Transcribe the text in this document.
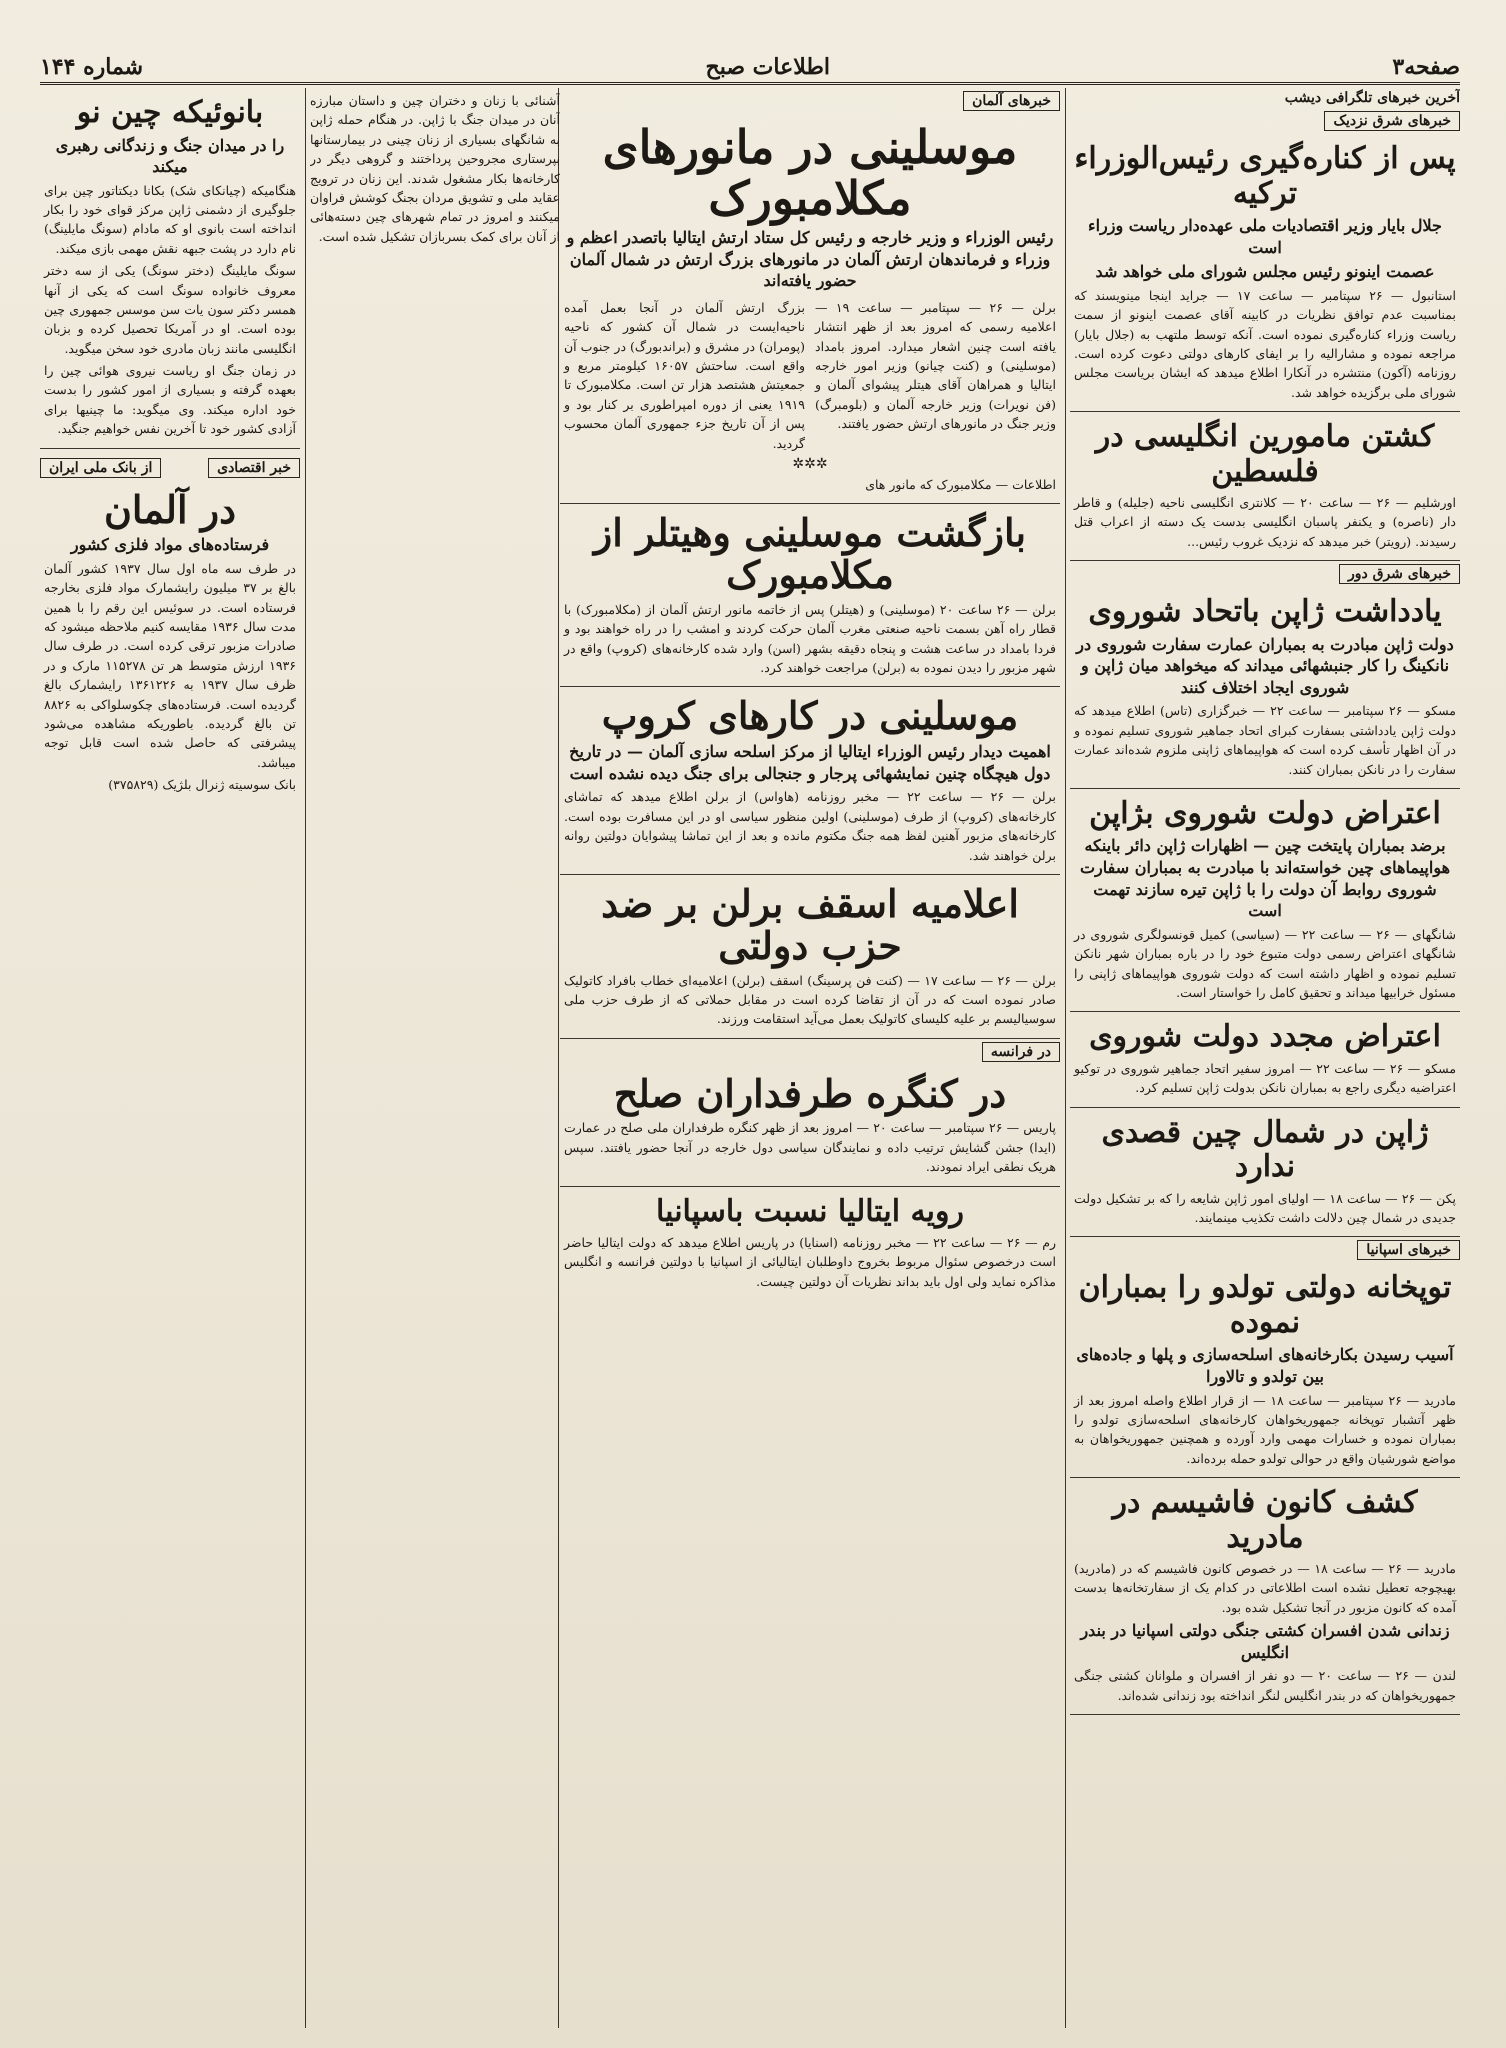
صفحه۳
اطلاعات صبح
شماره ۱۴۴
آخرین خبرهای تلگرافی دیشب
خبرهای شرق نزدیک
پس از کناره‌گیری رئیس‌الوزراء ترکیه
جلال بایار وزیر اقتصادیات ملی عهده‌دار ریاست وزراء است
عصمت اینونو رئیس مجلس شورای ملی خواهد شد
استانبول — ۲۶ سپتامبر — ساعت ۱۷ — جراید اینجا مینویسند که بمناسبت عدم توافق نظریات در کابینه آقای عصمت اینونو از سمت ریاست وزراء کناره‌گیری نموده است. آنکه توسط ملتهب به (جلال بایار) مراجعه نموده و مشارالیه را بر ایفای کارهای دولتی دعوت کرده است. روزنامه (آکون) منتشره در آنکارا اطلاع میدهد که ایشان بریاست مجلس شورای ملی برگزیده خواهد شد.
کشتن مامورین انگلیسی در فلسطین
اورشلیم — ۲۶ — ساعت ۲۰ — کلانتری انگلیسی ناحیه (جلیله) و قاطر دار (ناصره) و یکنفر پاسبان انگلیسی بدست یک دسته از اعراب قتل رسیدند. (رویتر) خبر میدهد که نزدیک غروب رئیس...
خبرهای شرق دور
یادداشت ژاپن باتحاد شوروی
دولت ژاپن مبادرت به بمباران عمارت سفارت شوروی در نانکینگ را کار جنبشهائی میداند که میخواهد میان ژاپن و شوروی ایجاد اختلاف کنند
مسکو — ۲۶ سپتامبر — ساعت ۲۲ — خبرگزاری (تاس) اطلاع میدهد که دولت ژاپن یادداشتی بسفارت کبرای اتحاد جماهیر شوروی تسلیم نموده و در آن اظهار تأسف کرده است که هواپیماهای ژاپنی ملزوم شده‌اند عمارت سفارت را در نانکن بمباران کنند.
اعتراض دولت شوروی بژاپن
برضد بمباران پایتخت چین — اظهارات ژاپن دائر باینکه هواپیماهای چین خواسته‌اند با مبادرت به بمباران سفارت شوروی روابط آن دولت را با ژاپن تیره سازند تهمت است
شانگهای — ۲۶ — ساعت ۲۲ — (سیاسی) کمیل قونسولگری شوروی در شانگهای اعتراض رسمی دولت متبوع خود را در باره بمباران شهر نانکن تسلیم نموده و اظهار داشته است که دولت شوروی هواپیماهای ژاپنی را مسئول خرابیها میداند و تحقیق کامل را خواستار است.
اعتراض مجدد دولت شوروی
مسکو — ۲۶ — ساعت ۲۲ — امروز سفیر اتحاد جماهیر شوروی در توکیو اعتراضیه دیگری راجع به بمباران نانکن بدولت ژاپن تسلیم کرد.
ژاپن در شمال چین قصدی ندارد
پکن — ۲۶ — ساعت ۱۸ — اولیای امور ژاپن شایعه را که بر تشکیل دولت جدیدی در شمال چین دلالت داشت تکذیب مینمایند.
خبرهای اسپانیا
توپخانه دولتی تولدو را بمباران نموده
آسیب رسیدن بکارخانه‌های اسلحه‌سازی و پلها و جاده‌های بین تولدو و تالاورا
مادرید — ۲۶ سپتامبر — ساعت ۱۸ — از قرار اطلاع واصله امروز بعد از ظهر آتشبار توپخانه جمهوریخواهان کارخانه‌های اسلحه‌سازی تولدو را بمباران نموده و خسارات مهمی وارد آورده و همچنین جمهوریخواهان به مواضع شورشیان واقع در حوالی تولدو حمله برده‌اند.
کشف کانون فاشیسم در مادرید
مادرید — ۲۶ — ساعت ۱۸ — در خصوص کانون فاشیسم که در (مادرید) بهیچوجه تعطیل نشده است اطلاعاتی در کدام یک از سفارتخانه‌ها بدست آمده که کانون مزبور در آنجا تشکیل شده بود.
زندانی شدن افسران کشتی جنگی دولتی اسپانیا در بندر انگلیس
لندن — ۲۶ — ساعت ۲۰ — دو نفر از افسران و ملوانان کشتی جنگی جمهوریخواهان که در بندر انگلیس لنگر انداخته بود زندانی شده‌اند.
خبرهای آلمان
موسلینی در مانورهای مکلامبورک
رئیس الوزراء و وزیر خارجه و رئیس کل ستاد ارتش ایتالیا باتصدر اعظم و وزراء و فرماندهان ارتش آلمان در مانورهای بزرگ ارتش در شمال آلمان حضور یافته‌اند
برلن — ۲۶ — سپتامبر — ساعت ۱۹ — اعلامیه رسمی که امروز بعد از ظهر انتشار یافته است چنین اشعار میدارد. امروز بامداد (موسلینی) و (کنت چیانو) وزیر امور خارجه ایتالیا و همراهان آقای هیتلر پیشوای آلمان و (فن نویرات) وزیر خارجه آلمان و (بلومبرگ) وزیر جنگ در مانورهای ارتش حضور یافتند.
بزرگ ارتش آلمان در آنجا بعمل آمده ناحیه‌ایست در شمال آن کشور که ناحیه (پومران) در مشرق و (براندبورگ) در جنوب آن واقع است. ساحتش ۱۶۰۵۷ کیلومتر مربع و جمعیتش هشتصد هزار تن است. مکلامبورک تا ۱۹۱۹ یعنی از دوره امپراطوری بر کنار بود و پس از آن تاریخ جزء جمهوری آلمان محسوب گردید.
✲✲✲
اطلاعات — مکلامبورک که مانور های
بازگشت موسلینی وهیتلر از مکلامبورک
برلن — ۲۶ ساعت ۲۰ (موسلینی) و (هیتلر) پس از خاتمه مانور ارتش آلمان از (مکلامبورک) با قطار راه آهن بسمت ناحیه صنعتی مغرب آلمان حرکت کردند و امشب را در راه خواهند بود و فردا بامداد در ساعت هشت و پنجاه دقیقه بشهر (اسن) وارد شده کارخانه‌های (کروپ) واقع در شهر مزبور را دیدن نموده به (برلن) مراجعت خواهند کرد.
موسلینی در کارهای کروپ
اهمیت دیدار رئیس الوزراء ایتالیا از مرکز اسلحه سازی آلمان — در تاریخ دول هیچگاه چنین نمایشهائی پرجار و جنجالی برای جنگ دیده نشده است
برلن — ۲۶ — ساعت ۲۲ — مخبر روزنامه (هاواس) از برلن اطلاع میدهد که تماشای کارخانه‌های (کروپ) از طرف (موسلینی) اولین منظور سیاسی او در این مسافرت بوده است. کارخانه‌های مزبور آهنین لفظ همه جنگ مکتوم مانده و بعد از این تماشا پیشوایان دولتین روانه برلن خواهند شد.
اعلامیه اسقف برلن بر ضد حزب دولتی
برلن — ۲۶ — ساعت ۱۷ — (کنت فن پرسینگ) اسقف (برلن) اعلامیه‌ای خطاب بافراد کاتولیک صادر نموده است که در آن از تقاضا کرده است در مقابل حملاتی که از طرف حزب ملی سوسیالیسم بر علیه کلیسای کاتولیک بعمل می‌آید استقامت ورزند.
در فرانسه
در کنگره طرفداران صلح
پاریس — ۲۶ سپتامبر — ساعت ۲۰ — امروز بعد از ظهر کنگره طرفداران ملی صلح در عمارت (ایدا) جشن گشایش ترتیب داده و نمایندگان سیاسی دول خارجه در آنجا حضور یافتند. سپس هریک نطقی ایراد نمودند.
رویه ایتالیا نسبت باسپانیا
رم — ۲۶ — ساعت ۲۲ — مخبر روزنامه (اسنایا) در پاریس اطلاع میدهد که دولت ایتالیا حاضر است درخصوص سئوال مربوط بخروج داوطلبان ایتالیائی از اسپانیا با دولتین فرانسه و انگلیس مذاکره نماید ولی اول باید بداند نظریات آن دولتین چیست.
آشنائی با زنان و دختران چین و داستان مبارزه آنان در میدان جنگ با ژاپن. در هنگام حمله ژاپن به شانگهای بسیاری از زنان چینی در بیمارستانها بپرستاری مجروحین پرداختند و گروهی دیگر در کارخانه‌ها بکار مشغول شدند. این زنان در ترویج عقاید ملی و تشویق مردان بجنگ کوشش فراوان میکنند و امروز در تمام شهرهای چین دسته‌هائی از آنان برای کمک بسربازان تشکیل شده است.
بانوئیکه چین نو
را در میدان جنگ و زندگانی رهبری میکند
هنگامیکه (چیانکای شک) بکانا دیکتاتور چین برای جلوگیری از دشمنی ژاپن مرکز قوای خود را بکار انداخته است بانوی او که مادام (سونگ مایلینگ) نام دارد در پشت جبهه نقش مهمی بازی میکند.
سونگ مایلینگ (دختر سونگ) یکی از سه دختر معروف خانواده سونگ است که یکی از آنها همسر دکتر سون یات سن موسس جمهوری چین بوده است. او در آمریکا تحصیل کرده و بزبان انگلیسی مانند زبان مادری خود سخن میگوید.
در زمان جنگ او ریاست نیروی هوائی چین را بعهده گرفته و بسیاری از امور کشور را بدست خود اداره میکند. وی میگوید: ما چینیها برای آزادی کشور خود تا آخرین نفس خواهیم جنگید.
خبر اقتصادی
از بانک ملی ایران
در آلمان
فرستاده‌های مواد فلزی کشور
در طرف سه ماه اول سال ۱۹۳۷ کشور آلمان بالغ بر ۳۷ میلیون رایشمارک مواد فلزی بخارجه فرستاده است. در سوئیس این رقم را با همین مدت سال ۱۹۳۶ مقایسه کنیم ملاحظه میشود که صادرات مزبور ترقی کرده است. در طرف سال ۱۹۳۶ ارزش متوسط هر تن ۱۱۵۲۷۸ مارک و در ظرف سال ۱۹۳۷ به ۱۳۶۱۲۲۶ رایشمارک بالغ گردیده است. فرستاده‌های چکوسلواکی به ۸۸۲۶ تن بالغ گردیده. باطوریکه مشاهده می‌شود پیشرفتی که حاصل شده است قابل توجه میباشد.
بانک سوسیته ژنرال بلژیک (۳۷۵۸۲۹)
